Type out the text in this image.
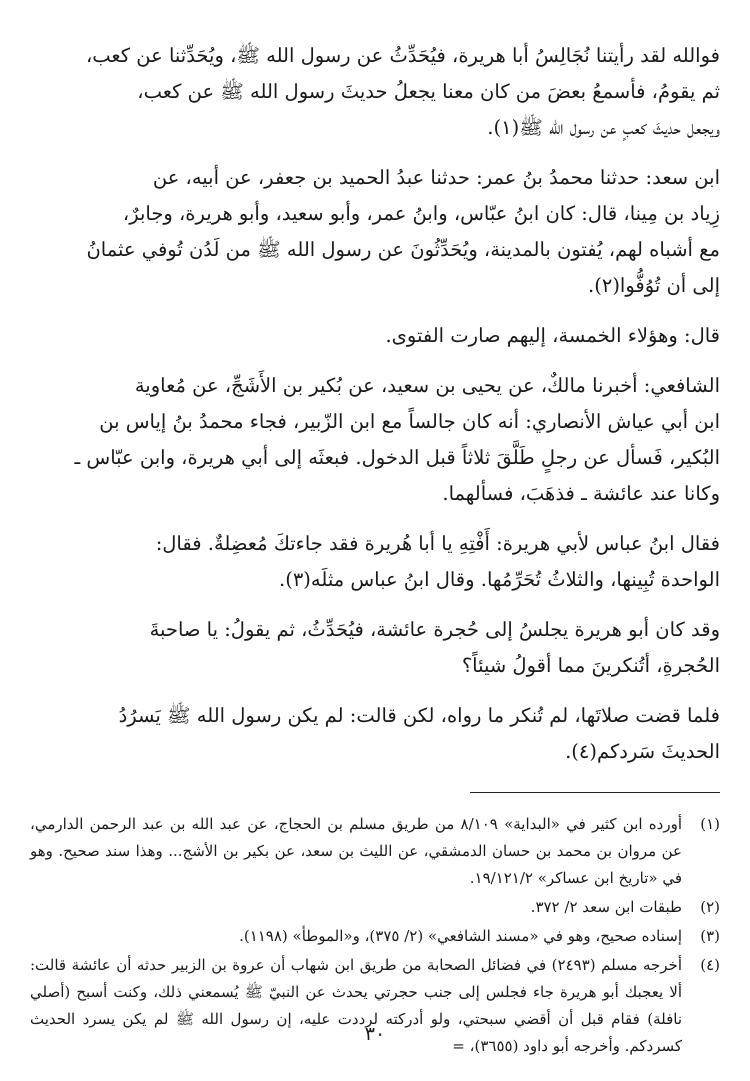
فوالله لقد رأيتنا نُجَالِسُ أبا هريرة، فيُحَدِّثُ عن رسول الله ﷺ، ويُحَدِّثنا عن كعب،

ثم يقومُ، فأسمعُ بعضَ من كان معنا يجعلُ حديثَ رسول الله ﷺ عن كعب،

ويجعل حديثَ كعبٍ عن رسول الله ﷺ(١).

ابن سعد: حدثنا محمدُ بنُ عمر: حدثنا عبدُ الحميد بن جعفر، عن أبيه، عن

زِياد بن مِينا، قال: كان ابنُ عبّاس، وابنُ عمر، وأبو سعيد، وأبو هريرة، وجابرٌ،

مع أشباه لهم، يُفتون بالمدينة، ويُحَدِّثُونَ عن رسول الله ﷺ من لَدُن تُوفي عثمانُ

إلى أن تُوُفُّوا(٢).

قال: وهؤلاء الخمسة، إليهم صارت الفتوى.

الشافعي: أخبرنا مالكٌ، عن يحيى بن سعيد، عن بُكير بن الأَشَجِّ، عن مُعاوية

ابن أبي عياش الأنصاري: أنه كان جالساً مع ابن الزّبير، فجاء محمدُ بنُ إياس بن

البُكير، فَسأل عن رجلٍ طَلَّقَ ثلاثاً قبل الدخول. فبعثَه إلى أبي هريرة، وابن عبّاس ـ

وكانا عند عائشة ـ فذهَبَ، فسألهما.

فقال ابنُ عباس لأبي هريرة: أَفْتِهِ يا أبا هُريرة فقد جاءتكَ مُعضِلةٌ. فقال:

الواحدة تُبِينها، والثلاثُ تُحَرِّمُها. وقال ابنُ عباس مثلَه(٣).

وقد كان أبو هريرة يجلسُ إلى حُجرة عائشة، فيُحَدِّثُ، ثم يقولُ: يا صاحبةَ

الحُجرةِ، أتُنكرينَ مما أقولُ شيئاً؟

فلما قضت صلاتَها، لم تُنكر ما رواه، لكن قالت: لم يكن رسول الله ﷺ يَسرُدُ

الحديثَ سَردكم(٤).

(١)
أورده ابن كثير في «البداية» ٨/١٠٩ من طريق مسلم بن الحجاج، عن عبد الله بن عبد الرحمن الدارمي، عن مروان بن محمد بن حسان الدمشقي، عن الليث بن سعد، عن بكير بن الأشج... وهذا سند صحيح. وهو في «تاريخ ابن عساكر» ١٩/١٢١/٢.
(٢)
طبقات ابن سعد ٢/ ٣٧٢.
(٣)
إسناده صحيح، وهو في «مسند الشافعي» (٢/ ٣٧٥)، و«الموطأ» (١١٩٨).
(٤)
أخرجه مسلم (٢٤٩٣) في فضائل الصحابة من طريق ابن شهاب أن عروة بن الزبير حدثه أن عائشة قالت: ألا يعجبك أبو هريرة جاء فجلس إلى جنب حجرتي يحدث عن النبيّ ﷺ يُسمعني ذلك، وكنت أسبح (أصلي نافلة) فقام قبل أن أقضي سبحتي، ولو أدركته لرددت عليه، إن رسول الله ﷺ لم يكن يسرد الحديث كسردكم. وأخرجه أبو داود (٣٦٥٥)، =
٣٠
